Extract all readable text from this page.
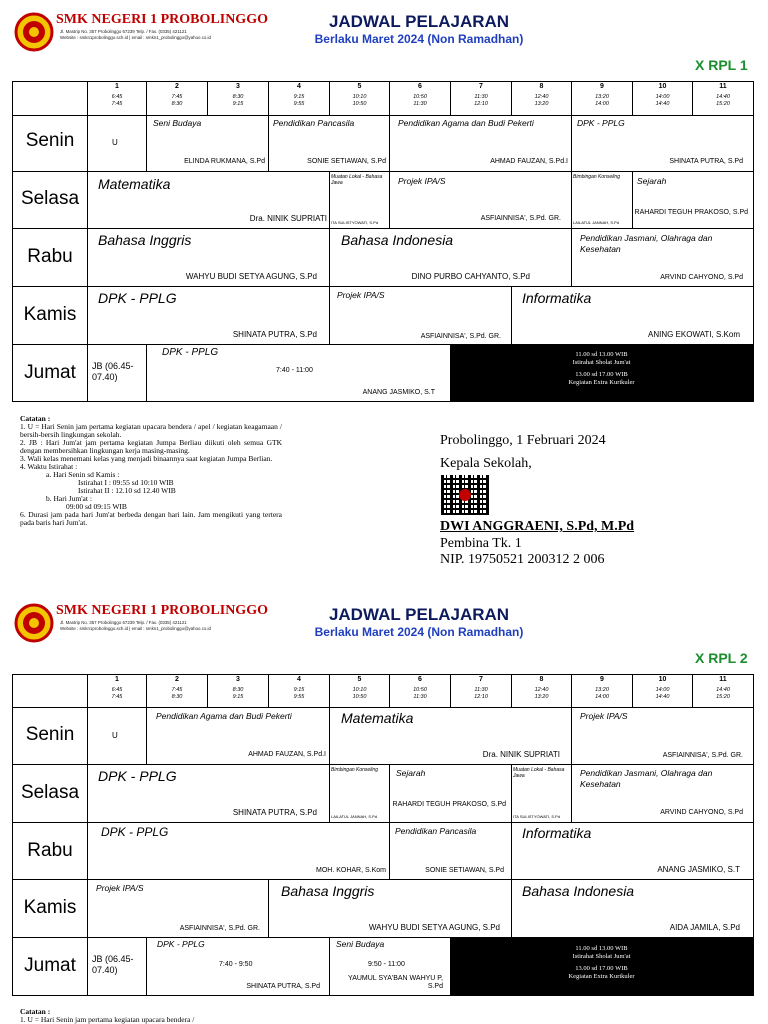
SMK NEGERI 1 PROBOLINGGO
Jl. Mastrip No. 357 Probolinggo 67239 Telp. / Fax. (0335) 421121
Website : smkn1probolinggo.sch.id | email : smkn1_probolinggo@yahoo.co.id
JADWAL PELAJARAN
Berlaku Maret 2024 (Non Ramadhan)
X RPL 1
1
6:45
7:45
2
7:45
8:30
3
8:30
9:15
4
9:15
9:55
5
10:10
10:50
6
10:50
11:30
7
11:30
12:10
8
12:40
13:20
9
13:20
14:00
10
14:00
14:40
11
14:40
15:20
Senin
Selasa
Rabu
Kamis
Jumat
U
Seni Budaya
ELINDA RUKMANA, S.Pd
Pendidikan Pancasila
SONIE SETIAWAN, S.Pd
Pendidikan Agama dan Budi Pekerti
AHMAD FAUZAN, S.Pd.I
DPK - PPLG
SHINATA PUTRA, S.Pd
Matematika
Dra. NINIK SUPRIATI
Muatan Lokal - Bahasa Jawa
ITA SULISTYOWATI, S.Pd
Projek IPA/S
ASFIAINNISA', S.Pd. GR.
Bimbingan Konseling
LAILATUL JANNAH, S.Pd
Sejarah
RAHARDI TEGUH PRAKOSO, S.Pd
Bahasa Inggris
WAHYU BUDI SETYA AGUNG, S.Pd
Bahasa Indonesia
DINO PURBO CAHYANTO, S.Pd
Pendidikan Jasmani, Olahraga dan Kesehatan
ARVIND CAHYONO, S.Pd
DPK - PPLG
SHINATA PUTRA, S.Pd
Projek IPA/S
ASFIAINNISA', S.Pd. GR.
Informatika
ANING EKOWATI, S.Kom
JB (06.45-07.40)
DPK - PPLG
7:40 - 11:00
ANANG JASMIKO, S.T
11.00 sd 13.00 WIB
Istirahat Sholat Jum'at
13.00 sd 17.00 WIB
Kegiatan Extra Kurikuler
Catatan :
1. U = Hari Senin jam pertama kegiatan upacara bendera / apel / kegiatan keagamaan / bersih-bersih lingkungan sekolah.
2. JB : Hari Jum'at jam pertama kegiatan Jumpa Berliau diikuti oleh semua GTK dengan membersihkan lingkungan kerja masing-masing.
3. Wali kelas menemani kelas yang menjadi binaannya saat kegiatan Jumpa Berlian.
4. Waktu Istirahat :
a. Hari Senin sd Kamis :
Istirahat I : 09:55 sd 10:10 WIB
Istirahat II : 12.10 sd 12.40 WIB
b. Hari Jum'at :
09:00 sd 09:15 WIB
6. Durasi jam pada hari Jum'at berbeda dengan hari lain. Jam mengikuti yang tertera pada baris hari Jum'at.
Probolinggo, 1 Februari 2024
Kepala Sekolah,
DWI ANGGRAENI, S.Pd, M.Pd
Pembina Tk. 1
NIP. 19750521 200312 2 006
SMK NEGERI 1 PROBOLINGGO
Jl. Mastrip No. 357 Probolinggo 67239 Telp. / Fax. (0335) 421121
Website : smkn1probolinggo.sch.id | email : smkn1_probolinggo@yahoo.co.id
JADWAL PELAJARAN
Berlaku Maret 2024 (Non Ramadhan)
X RPL 2
1
6:45
7:45
2
7:45
8:30
3
8:30
9:15
4
9:15
9:55
5
10:10
10:50
6
10:50
11:30
7
11:30
12:10
8
12:40
13:20
9
13:20
14:00
10
14:00
14:40
11
14:40
15:20
Senin
Selasa
Rabu
Kamis
Jumat
U
Pendidikan Agama dan Budi Pekerti
AHMAD FAUZAN, S.Pd.I
Matematika
Dra. NINIK SUPRIATI
Projek IPA/S
ASFIAINNISA', S.Pd. GR.
DPK - PPLG
SHINATA PUTRA, S.Pd
Bimbingan Konseling
LAILATUL JANNAH, S.Pd
Sejarah
RAHARDI TEGUH PRAKOSO, S.Pd
Muatan Lokal - Bahasa Jawa
ITA SULISTYOWATI, S.Pd
Pendidikan Jasmani, Olahraga dan Kesehatan
ARVIND CAHYONO, S.Pd
DPK - PPLG
MOH. KOHAR, S.Kom
Pendidikan Pancasila
SONIE SETIAWAN, S.Pd
Informatika
ANANG JASMIKO, S.T
Projek IPA/S
ASFIAINNISA', S.Pd. GR.
Bahasa Inggris
WAHYU BUDI SETYA AGUNG, S.Pd
Bahasa Indonesia
AIDA JAMILA, S.Pd
JB (06.45-07.40)
DPK - PPLG
7:40 - 9:50
SHINATA PUTRA, S.Pd
Seni Budaya
9:50 - 11:00
YAUMUL SYA'BAN WAHYU P, S.Pd
11.00 sd 13.00 WIB
Istirahat Sholat Jum'at
13.00 sd 17.00 WIB
Kegiatan Extra Kurikuler
Catatan :
1. U = Hari Senin jam pertama kegiatan upacara bendera /
